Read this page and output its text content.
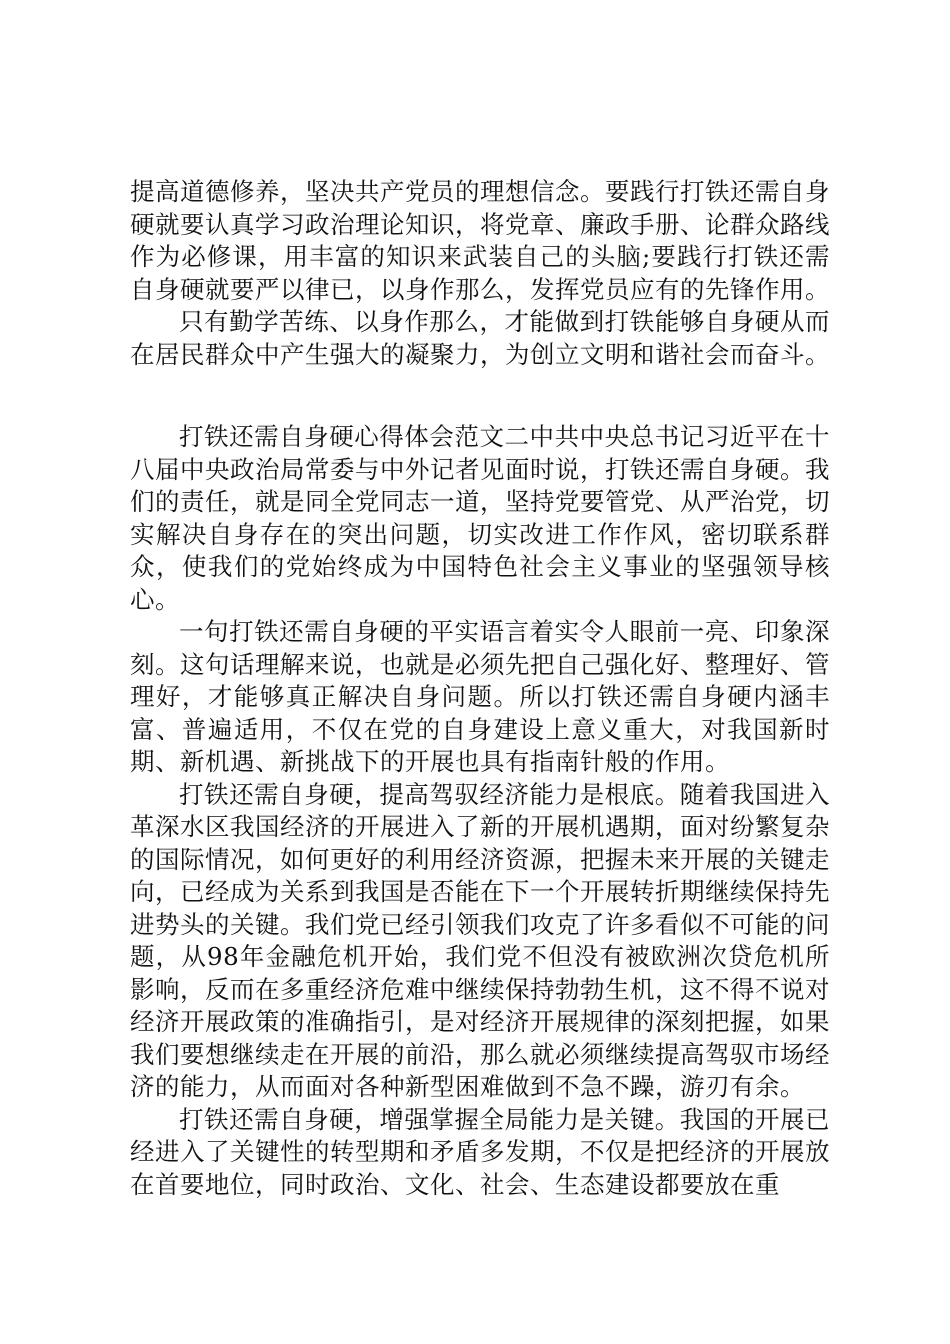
提高道德修养，坚决共产党员的理想信念。要践行打铁还需自身硬就要认真学习政治理论知识，将党章、廉政手册、论群众路线作为必修课，用丰富的知识来武装自己的头脑;要践行打铁还需自身硬就要严以律已，以身作那么，发挥党员应有的先锋作用。

只有勤学苦练、以身作那么，才能做到打铁能够自身硬从而在居民群众中产生强大的凝聚力，为创立文明和谐社会而奋斗。

打铁还需自身硬心得体会范文二中共中央总书记习近平在十八届中央政治局常委与中外记者见面时说，打铁还需自身硬。我们的责任，就是同全党同志一道，坚持党要管党、从严治党，切实解决自身存在的突出问题，切实改进工作作风，密切联系群众，使我们的党始终成为中国特色社会主义事业的坚强领导核心。

一句打铁还需自身硬的平实语言着实令人眼前一亮、印象深刻。这句话理解来说，也就是必须先把自己强化好、整理好、管理好，才能够真正解决自身问题。所以打铁还需自身硬内涵丰富、普遍适用，不仅在党的自身建设上意义重大，对我国新时期、新机遇、新挑战下的开展也具有指南针般的作用。

打铁还需自身硬，提高驾驭经济能力是根底。随着我国进入革深水区我国经济的开展进入了新的开展机遇期，面对纷繁复杂的国际情况，如何更好的利用经济资源，把握未来开展的关键走向，已经成为关系到我国是否能在下一个开展转折期继续保持先进势头的关键。我们党已经引领我们攻克了许多看似不可能的问题，从98年金融危机开始，我们党不但没有被欧洲次贷危机所影响，反而在多重经济危难中继续保持勃勃生机，这不得不说对经济开展政策的准确指引，是对经济开展规律的深刻把握，如果我们要想继续走在开展的前沿，那么就必须继续提高驾驭市场经济的能力，从而面对各种新型困难做到不急不躁，游刃有余。

打铁还需自身硬，增强掌握全局能力是关键。我国的开展已经进入了关键性的转型期和矛盾多发期，不仅是把经济的开展放在首要地位，同时政治、文化、社会、生态建设都要放在重
